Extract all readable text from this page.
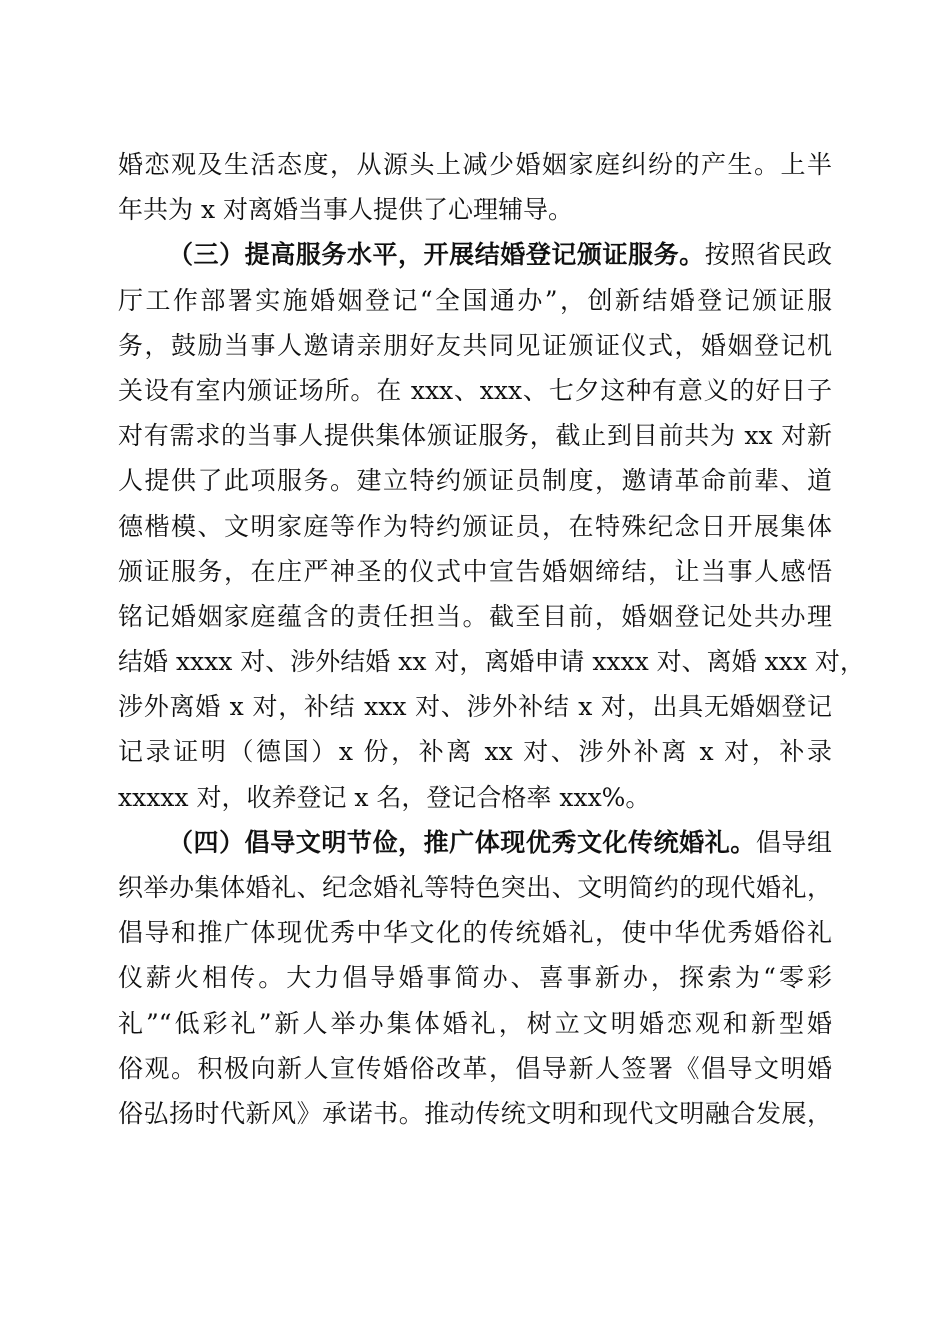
婚恋观及生活态度，从源头上减少婚姻家庭纠纷的产生。上半
年共为 x 对离婚当事人提供了心理辅导。
（三）提高服务水平，开展结婚登记颁证服务。按照省民政
厅工作部署实施婚姻登记“全国通办”，创新结婚登记颁证服
务，鼓励当事人邀请亲朋好友共同见证颁证仪式，婚姻登记机
关设有室内颁证场所。在 xxx、xxx、七夕这种有意义的好日子
对有需求的当事人提供集体颁证服务，截止到目前共为 xx 对新
人提供了此项服务。建立特约颁证员制度，邀请革命前辈、道
德楷模、文明家庭等作为特约颁证员，在特殊纪念日开展集体
颁证服务，在庄严神圣的仪式中宣告婚姻缔结，让当事人感悟
铭记婚姻家庭蕴含的责任担当。截至目前，婚姻登记处共办理
结婚 xxxx 对、涉外结婚 xx 对，离婚申请 xxxx 对、离婚 xxx 对，
涉外离婚 x 对，补结 xxx 对、涉外补结 x 对，出具无婚姻登记
记录证明（德国）x 份，补离 xx 对、涉外补离 x 对，补录
xxxxx 对，收养登记 x 名，登记合格率 xxx%。
（四）倡导文明节俭，推广体现优秀文化传统婚礼。倡导组
织举办集体婚礼、纪念婚礼等特色突出、文明简约的现代婚礼，
倡导和推广体现优秀中华文化的传统婚礼，使中华优秀婚俗礼
仪薪火相传。大力倡导婚事简办、喜事新办，探索为“零彩
礼”“低彩礼”新人举办集体婚礼，树立文明婚恋观和新型婚
俗观。积极向新人宣传婚俗改革，倡导新人签署《倡导文明婚
俗弘扬时代新风》承诺书。推动传统文明和现代文明融合发展，
